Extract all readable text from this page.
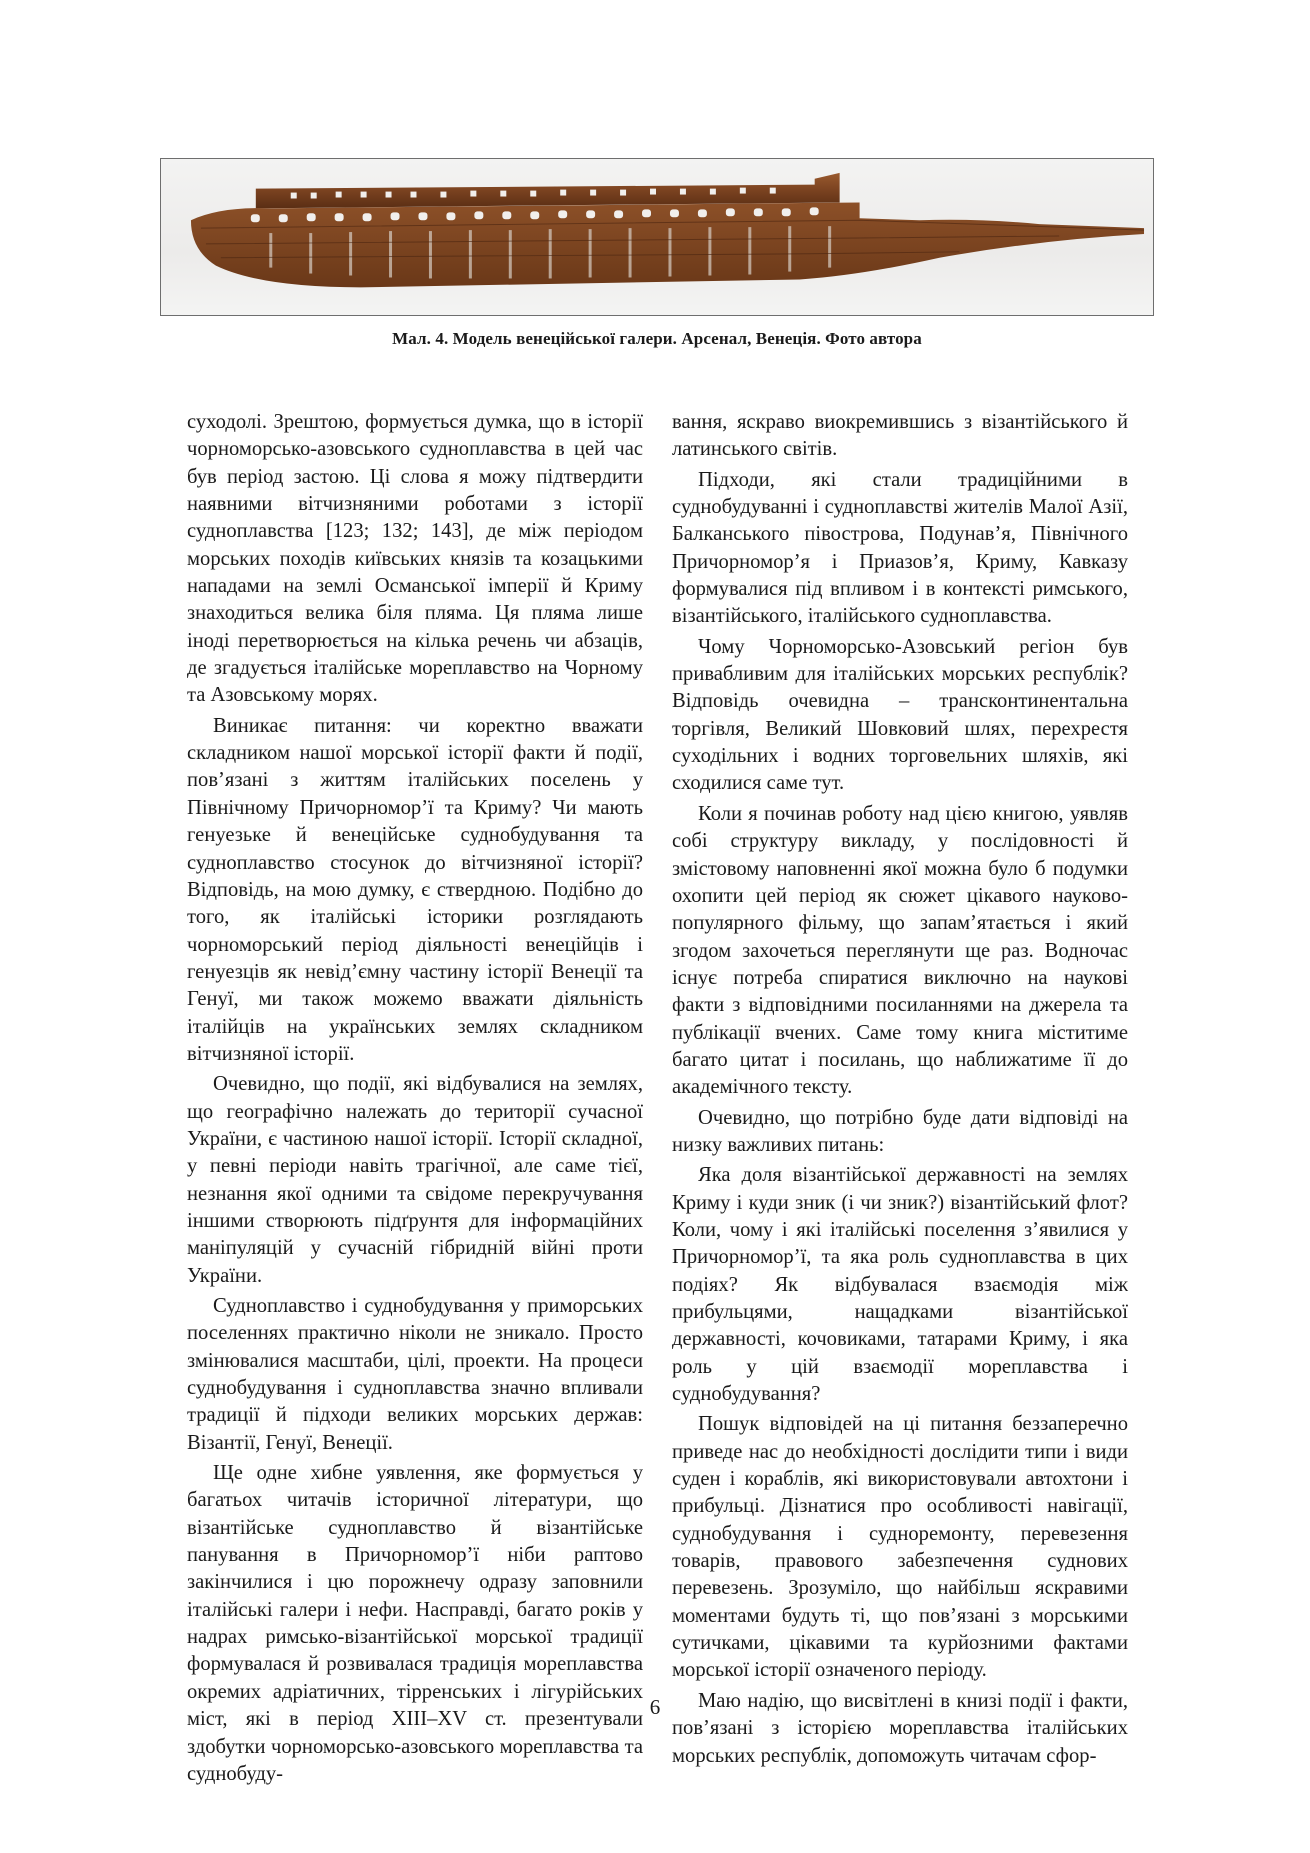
Мал. 4. Модель венеційської галери. Арсенал, Венеція. Фото автора

суходолі. Зрештою, формується думка, що в історії чорноморсько-азовського судноплавства в цей час був період застою. Ці слова я можу підтвердити наявними вітчизняними роботами з історії судноплавства [123; 132; 143], де між періодом морських походів київських князів та козацькими нападами на землі Османської імперії й Криму знаходиться велика біля пляма. Ця пляма лише іноді перетворюється на кілька речень чи абзаців, де згадується італійське мореплавство на Чорному та Азовському морях.

Виникає питання: чи коректно вважати складником нашої морської історії факти й події, пов’язані з життям італійських поселень у Північному Причорномор’ї та Криму? Чи мають генуезьке й венеційське суднобудування та судноплавство стосунок до вітчизняної історії? Відповідь, на мою думку, є ствердною. Подібно до того, як італійські історики розглядають чорноморський період діяльності венеційців і генуезців як невід’ємну частину історії Венеції та Генуї, ми також можемо вважати діяльність італійців на українських землях складником вітчизняної історії.

Очевидно, що події, які відбувалися на землях, що географічно належать до території сучасної України, є частиною нашої історії. Історії складної, у певні періоди навіть трагічної, але саме тієї, незнання якої одними та свідоме перекручування іншими створюють підґрунтя для інформаційних маніпуляцій у сучасній гібридній війні проти України.

Судноплавство і суднобудування у приморських поселеннях практично ніколи не зникало. Просто змінювалися масштаби, цілі, проекти. На процеси суднобудування і судноплавства значно впливали традиції й підходи великих морських держав: Візантії, Генуї, Венеції.

Ще одне хибне уявлення, яке формується у багатьох читачів історичної літератури, що візантійське судноплавство й візантійське панування в Причорномор’ї ніби раптово закінчилися і цю порожнечу одразу заповнили італійські галери і нефи. Насправді, багато років у надрах римсько-візантійської морської традиції формувалася й розвивалася традиція мореплавства окремих адріатичних, тірренських і лігурійських міст, які в період XIII–XV ст. презентували здобутки чорноморсько-азовського мореплавства та суднобуду-

вання, яскраво виокремившись з візантійського й латинського світів.

Підходи, які стали традиційними в суднобудуванні і судноплавстві жителів Малої Азії, Балканського півострова, Подунав’я, Північного Причорномор’я і Приазов’я, Криму, Кавказу формувалися під впливом і в контексті римського, візантійського, італійського судноплавства.

Чому Чорноморсько-Азовський регіон був привабливим для італійських морських республік? Відповідь очевидна – трансконтинентальна торгівля, Великий Шовковий шлях, перехрестя суходільних і водних торговельних шляхів, які сходилися саме тут.

Коли я починав роботу над цією книгою, уявляв собі структуру викладу, у послідовності й змістовому наповненні якої можна було б подумки охопити цей період як сюжет цікавого науково-популярного фільму, що запам’ятається і який згодом захочеться переглянути ще раз. Водночас існує потреба спиратися виключно на наукові факти з відповідними посиланнями на джерела та публікації вчених. Саме тому книга міститиме багато цитат і посилань, що наближатиме її до академічного тексту.

Очевидно, що потрібно буде дати відповіді на низку важливих питань:

Яка доля візантійської державності на землях Криму і куди зник (і чи зник?) візантійський флот? Коли, чому і які італійські поселення з’явилися у Причорномор’ї, та яка роль судноплавства в цих подіях? Як відбувалася взаємодія між прибульцями, нащадками візантійської державності, кочовиками, татарами Криму, і яка роль у цій взаємодії мореплавства і суднобудування?

Пошук відповідей на ці питання беззаперечно приведе нас до необхідності дослідити типи і види суден і кораблів, які використовували автохтони і прибульці. Дізнатися про особливості навігації, суднобудування і судноремонту, перевезення товарів, правового забезпечення суднових перевезень. Зрозуміло, що найбільш яскравими моментами будуть ті, що пов’язані з морськими сутичками, цікавими та курйозними фактами морської історії означеного періоду.

Маю надію, що висвітлені в книзі події і факти, пов’язані з історією мореплавства італійських морських республік, допоможуть читачам сфор-

6
